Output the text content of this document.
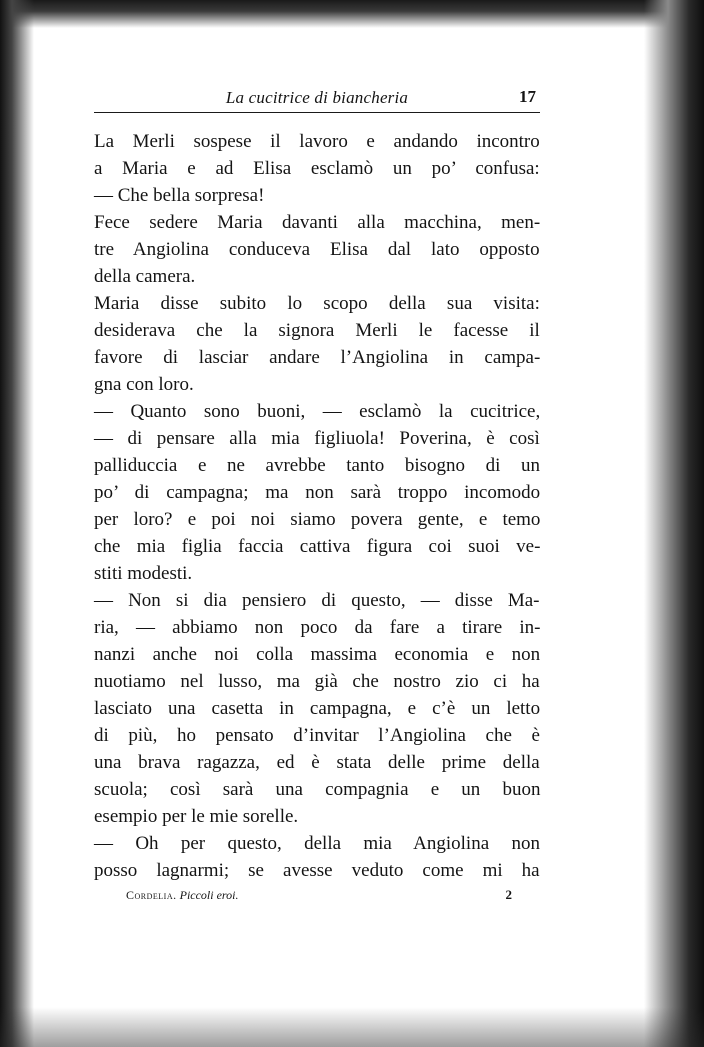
La cucitrice di biancheria	17
La Merli sospese il lavoro e andando incontro
a Maria e ad Elisa esclamò un po’ confusa:
— Che bella sorpresa!
Fece sedere Maria davanti alla macchina, men-
tre Angiolina conduceva Elisa dal lato opposto
della camera.
Maria disse subito lo scopo della sua visita:
desiderava che la signora Merli le facesse il
favore di lasciar andare l’Angiolina in campa-
gna con loro.
— Quanto sono buoni, — esclamò la cucitrice,
— di pensare alla mia figliuola! Poverina, è così
palliduccia e ne avrebbe tanto bisogno di un
po’ di campagna; ma non sarà troppo incomodo
per loro? e poi noi siamo povera gente, e temo
che mia figlia faccia cattiva figura coi suoi ve-
stiti modesti.
— Non si dia pensiero di questo, — disse Ma-
ria, — abbiamo non poco da fare a tirare in-
nanzi anche noi colla massima economia e non
nuotiamo nel lusso, ma già che nostro zio ci ha
lasciato una casetta in campagna, e c’è un letto
di più, ho pensato d’invitar l’Angiolina che è
una brava ragazza, ed è stata delle prime della
scuola; così sarà una compagnia e un buon
esempio per le mie sorelle.
— Oh per questo, della mia Angiolina non
posso lagnarmi; se avesse veduto come mi ha
Cordelia. Piccoli eroi.	2
